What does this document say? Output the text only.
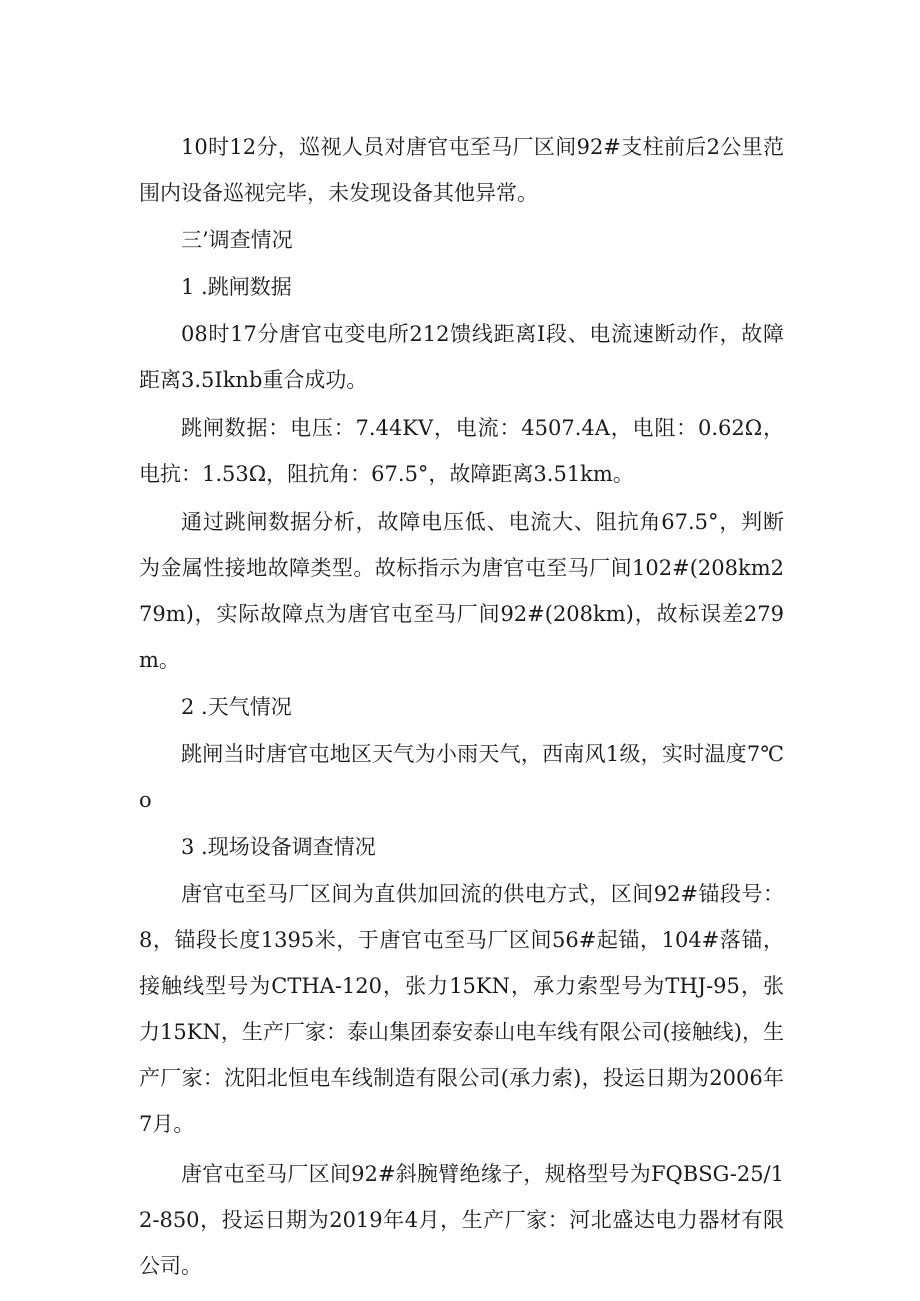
10时12分，巡视人员对唐官屯至马厂区间92#支柱前后2公里范围内设备巡视完毕，未发现设备其他异常。

三’调查情况

1 .跳闸数据

08时17分唐官屯变电所212馈线距离I段、电流速断动作，故障距离3.5Iknb重合成功。

跳闸数据：电压：7.44KV，电流：4507.4A，电阻：0.62Ω，电抗：1.53Ω，阻抗角：67.5°，故障距离3.51km。

通过跳闸数据分析，故障电压低、电流大、阻抗角67.5°，判断为金属性接地故障类型。故标指示为唐官屯至马厂间102#(208km279m)，实际故障点为唐官屯至马厂间92#(208km)，故标误差279m。

2 .天气情况

跳闸当时唐官屯地区天气为小雨天气，西南风1级，实时温度7℃o

3 .现场设备调查情况

唐官屯至马厂区间为直供加回流的供电方式，区间92#锚段号：8，锚段长度1395米，于唐官屯至马厂区间56#起锚，104#落锚，接触线型号为CTHA-120，张力15KN，承力索型号为THJ-95，张力15KN，生产厂家：泰山集团泰安泰山电车线有限公司(接触线)，生产厂家：沈阳北恒电车线制造有限公司(承力索)，投运日期为2006年7月。

唐官屯至马厂区间92#斜腕臂绝缘子，规格型号为FQBSG-25/12-850，投运日期为2019年4月，生产厂家：河北盛达电力器材有限公司。
